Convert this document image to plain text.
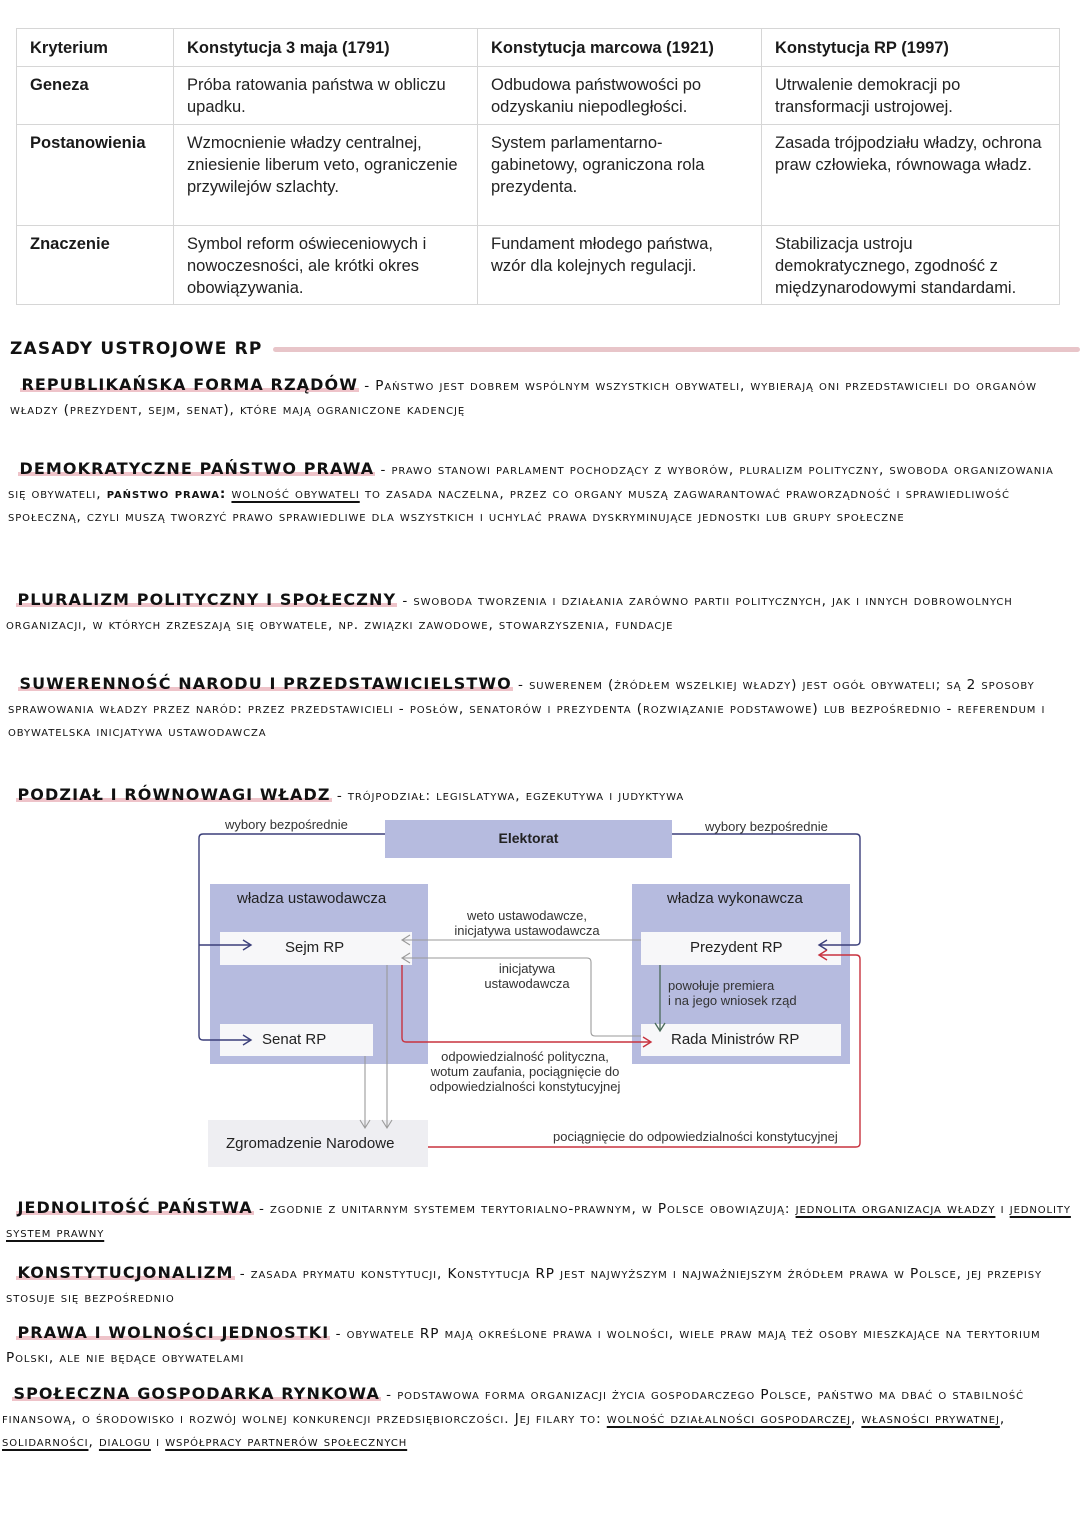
Kryterium	Konstytucja 3 maja (1791)	Konstytucja marcowa (1921)	Konstytucja RP (1997)
Geneza	Próba ratowania państwa w obliczu upadku.	Odbudowa państwowości po odzyskaniu niepodległości.	Utrwalenie demokracji po transformacji ustrojowej.
Postanowienia	Wzmocnienie władzy centralnej, zniesienie liberum veto, ograniczenie przywilejów szlachty.	System parlamentarno-gabinetowy, ograniczona rola prezydenta.	Zasada trójpodziału władzy, ochrona praw człowieka, równowaga władz.
Znaczenie	Symbol reform oświeceniowych i nowoczesności, ale krótki okres obowiązywania.	Fundament młodego państwa, wzór dla kolejnych regulacji.	Stabilizacja ustroju demokratycznego, zgodność z międzynarodowymi standardami.
ZASADY USTROJOWE RP

REPUBLIKAŃSKA FORMA RZĄDÓW - Państwo jest dobrem wspólnym wszystkich obywateli, wybierają oni przedstawicieli do organów władzy (prezydent, sejm, senat), które mają ograniczone kadencję

DEMOKRATYCZNE PAŃSTWO PRAWA - prawo stanowi parlament pochodzący z wyborów, pluralizm polityczny, swoboda organizowania się obywateli, państwo prawa: wolność obywateli to zasada naczelna, przez co organy muszą zagwarantować praworządność i sprawiedliwość społeczną, czyli muszą tworzyć prawo sprawiedliwe dla wszystkich i uchylać prawa dyskryminujące jednostki lub grupy społeczne

PLURALIZM POLITYCZNY I SPOŁECZNY - swoboda tworzenia i działania zarówno partii politycznych, jak i innych dobrowolnych organizacji, w których zrzeszają się obywatele, np. związki zawodowe, stowarzyszenia, fundacje

SUWERENNOŚĆ NARODU I PRZEDSTAWICIELSTWO - suwerenem (źródłem wszelkiej władzy) jest ogół obywateli; są 2 sposoby sprawowania władzy przez naród: przez przedstawicieli - posłów, senatorów i prezydenta (rozwiązanie podstawowe) lub bezpośrednio - referendum i obywatelska inicjatywa ustawodawcza

PODZIAŁ I RÓWNOWAGI WŁADZ - trójpodział: legislatywa, egzekutywa i judyktywa

Elektorat
władza ustawodawcza	władza wykonawcza
Sejm RP
Senat RP
Prezydent RP
Rada Ministrów RP
Zgromadzenie Narodowe
wybory bezpośrednie	wybory bezpośrednie
weto ustawodawcze,
inicjatywa ustawodawcza
inicjatywa
ustawodawcza	powołuje premiera
i na jego wniosek rząd
odpowiedzialność polityczna,
wotum zaufania, pociągnięcie do
odpowiedzialności konstytucyjnej
pociągnięcie do odpowiedzialności konstytucyjnej

JEDNOLITOŚĆ PAŃSTWA - zgodnie z unitarnym systemem terytorialno-prawnym, w Polsce obowiązują: jednolita organizacja władzy i jednolity system prawny

KONSTYTUCJONALIZM - zasada prymatu konstytucji, Konstytucja RP jest najwyższym i najważniejszym źródłem prawa w Polsce, jej przepisy stosuje się bezpośrednio

PRAWA I WOLNOŚCI JEDNOSTKI - obywatele RP mają określone prawa i wolności, wiele praw mają też osoby mieszkające na terytorium Polski, ale nie będące obywatelami

SPOŁECZNA GOSPODARKA RYNKOWA - podstawowa forma organizacji życia gospodarczego Polsce, państwo ma dbać o stabilność finansową, o środowisko i rozwój wolnej konkurencji przedsiębiorczości. Jej filary to: wolność działalności gospodarczej, własności prywatnej, solidarności, dialogu i współpracy partnerów społecznych
